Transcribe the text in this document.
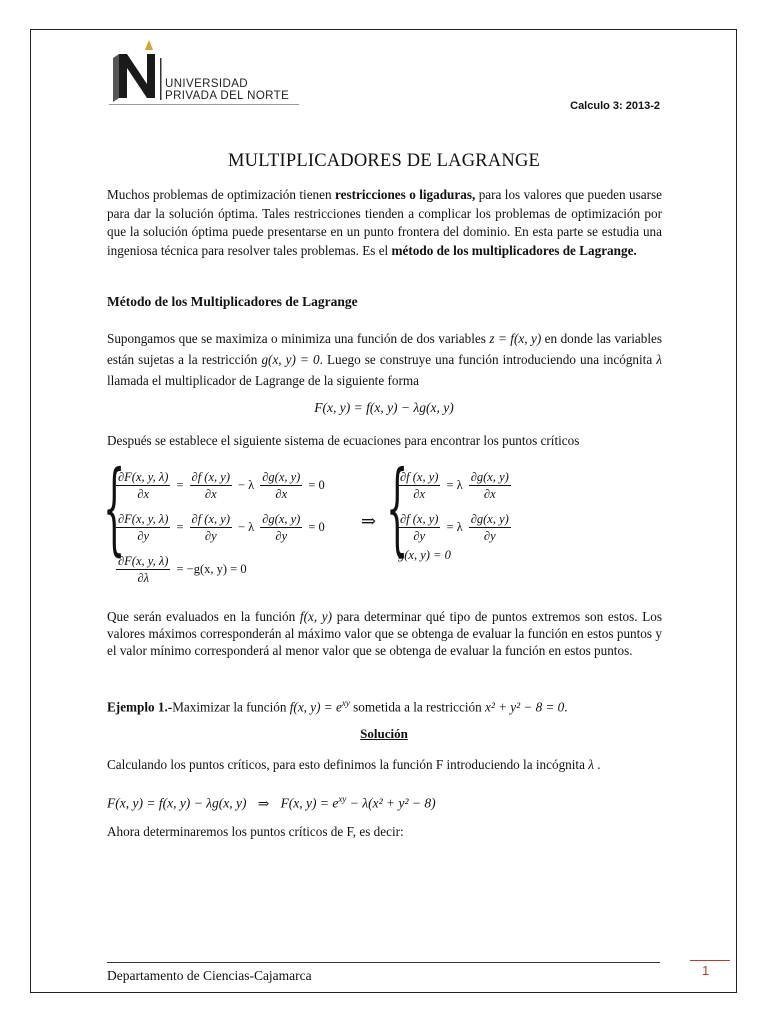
UNIVERSIDAD
PRIVADA DEL NORTE
Calculo 3: 2013-2
MULTIPLICADORES DE LAGRANGE

Muchos problemas de optimización tienen restricciones o ligaduras, para los valores que pueden usarse para dar la solución óptima. Tales restricciones tienden a complicar los problemas de optimización por que la solución óptima puede presentarse en un punto frontera del dominio. En esta parte se estudia una ingeniosa técnica para resolver tales problemas. Es el método de los multiplicadores de Lagrange.

Método de los Multiplicadores de Lagrange

Supongamos que se maximiza o minimiza una función de dos variables z = f(x, y) en donde las variables están sujetas a la restricción g(x, y) = 0. Luego se construye una función introduciendo una incógnita λ llamada el multiplicador de Lagrange de la siguiente forma

F(x, y) = f(x, y) − λg(x, y)

Después se establece el siguiente sistema de ecuaciones para encontrar los puntos críticos

{
$\frac{\partial F(x, y, \lambda)}{\partial x} = \frac{\partial f (x, y)}{\partial x} - \lambda \frac{\partial g(x, y)}{\partial x} = 0$
$\frac{\partial F(x, y, \lambda)}{\partial y} = \frac{\partial f (x, y)}{\partial y} - \lambda \frac{\partial g(x, y)}{\partial y} = 0$
$\frac{\partial F(x, y, \lambda)}{\partial\lambda} = -g(x$, y) = 0
⇒ {
$\frac{\partial f (x, y)}{\partial x} = \lambda \frac{\partial g(x, y)}{\partial x}$
$\frac{\partial f (x, y)}{\partial y} = \lambda \frac{\partial g(x, y)}{\partial y}$
g(x, y) = 0

Que serán evaluados en la función f(x, y) para determinar qué tipo de puntos extremos son estos. Los valores máximos corresponderán al máximo valor que se obtenga de evaluar la función en estos puntos y el valor mínimo corresponderá al menor valor que se obtenga de evaluar la función en estos puntos.

Ejemplo 1.-Maximizar la función f(x, $y) = e^{xy}$ sometida a la restricción x² + y² − 8 = 0.

Solución

Calculando los puntos críticos, para esto definimos la función F introduciendo la incógnita λ .

F(x, y) = f(x, y) − λg(x, y) ⇒ F(x, $y) = e^{xy} - \lambda(x^2 + y^2 - 8)$

Ahora determinaremos los puntos críticos de F, es decir:

Departamento de Ciencias-Cajamarca	1
